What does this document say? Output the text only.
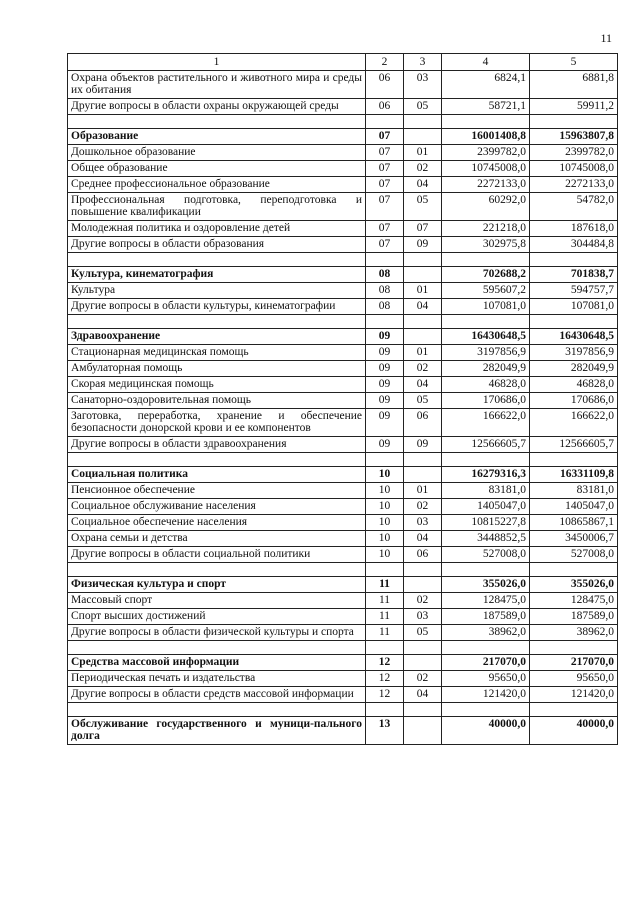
11
1	2	3	4	5
Охрана объектов растительного и животного мира и среды их обитания	06	03	6824,1	6881,8
Другие вопросы в области охраны окружающей среды	06	05	58721,1	59911,2

Образование	07		16001408,8	15963807,8
Дошкольное образование	07	01	2399782,0	2399782,0
Общее образование	07	02	10745008,0	10745008,0
Среднее профессиональное образование	07	04	2272133,0	2272133,0
Профессиональная подготовка, переподготовка и повышение квалификации	07	05	60292,0	54782,0
Молодежная политика и оздоровление детей	07	07	221218,0	187618,0
Другие вопросы в области образования	07	09	302975,8	304484,8

Культура, кинематография	08		702688,2	701838,7
Культура	08	01	595607,2	594757,7
Другие вопросы в области культуры, кинематографии	08	04	107081,0	107081,0

Здравоохранение	09		16430648,5	16430648,5
Стационарная медицинская помощь	09	01	3197856,9	3197856,9
Амбулаторная помощь	09	02	282049,9	282049,9
Скорая медицинская помощь	09	04	46828,0	46828,0
Санаторно-оздоровительная помощь	09	05	170686,0	170686,0
Заготовка, переработка, хранение и обеспечение безопасности донорской крови и ее компонентов	09	06	166622,0	166622,0
Другие вопросы в области здравоохранения	09	09	12566605,7	12566605,7

Социальная политика	10		16279316,3	16331109,8
Пенсионное обеспечение	10	01	83181,0	83181,0
Социальное обслуживание населения	10	02	1405047,0	1405047,0
Социальное обеспечение населения	10	03	10815227,8	10865867,1
Охрана семьи и детства	10	04	3448852,5	3450006,7
Другие вопросы в области социальной политики	10	06	527008,0	527008,0

Физическая культура и спорт	11		355026,0	355026,0
Массовый спорт	11	02	128475,0	128475,0
Спорт высших достижений	11	03	187589,0	187589,0
Другие вопросы в области физической культуры и спорта	11	05	38962,0	38962,0

Средства массовой информации	12		217070,0	217070,0
Периодическая печать и издательства	12	02	95650,0	95650,0
Другие вопросы в области средств массовой информации	12	04	121420,0	121420,0

Обслуживание государственного и муници-пального долга	13		40000,0	40000,0
